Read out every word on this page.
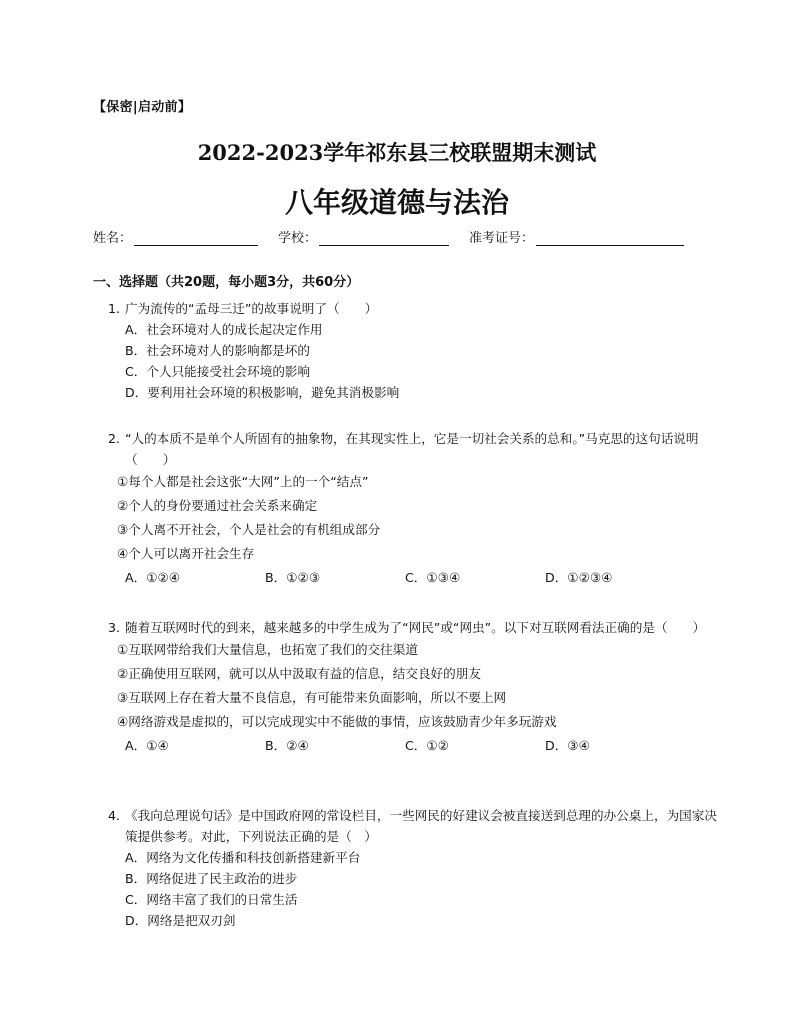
【保密|启动前】
2022-2023学年祁东县三校联盟期末测试
八年级道德与法治
姓名：	学校：	准考证号：
一、选择题（共20题，每小题3分，共60分）
1. 广为流传的“孟母三迁”的故事说明了（　　）
A．社会环境对人的成长起决定作用
B．社会环境对人的影响都是坏的
C．个人只能接受社会环境的影响
D．要利用社会环境的积极影响，避免其消极影响
2. “人的本质不是单个人所固有的抽象物，在其现实性上，它是一切社会关系的总和。”马克思的这句话说明（　　）
①每个人都是社会这张“大网”上的一个“结点”
②个人的身份要通过社会关系来确定
③个人离不开社会，个人是社会的有机组成部分
④个人可以离开社会生存
A．①②④	B．①②③	C．①③④	D．①②③④
3. 随着互联网时代的到来，越来越多的中学生成为了“网民”或“网虫”。以下对互联网看法正确的是（　　）
①互联网带给我们大量信息，也拓宽了我们的交往渠道
②正确使用互联网，就可以从中汲取有益的信息，结交良好的朋友
③互联网上存在着大量不良信息，有可能带来负面影响，所以不要上网
④网络游戏是虚拟的，可以完成现实中不能做的事情，应该鼓励青少年多玩游戏
A．①④	B．②④	C．①②	D．③④
4. 《我向总理说句话》是中国政府网的常设栏目，一些网民的好建议会被直接送到总理的办公桌上，为国家决策提供参考。对此，下列说法正确的是（　）
A．网络为文化传播和科技创新搭建新平台
B．网络促进了民主政治的进步
C．网络丰富了我们的日常生活
D．网络是把双刃剑
